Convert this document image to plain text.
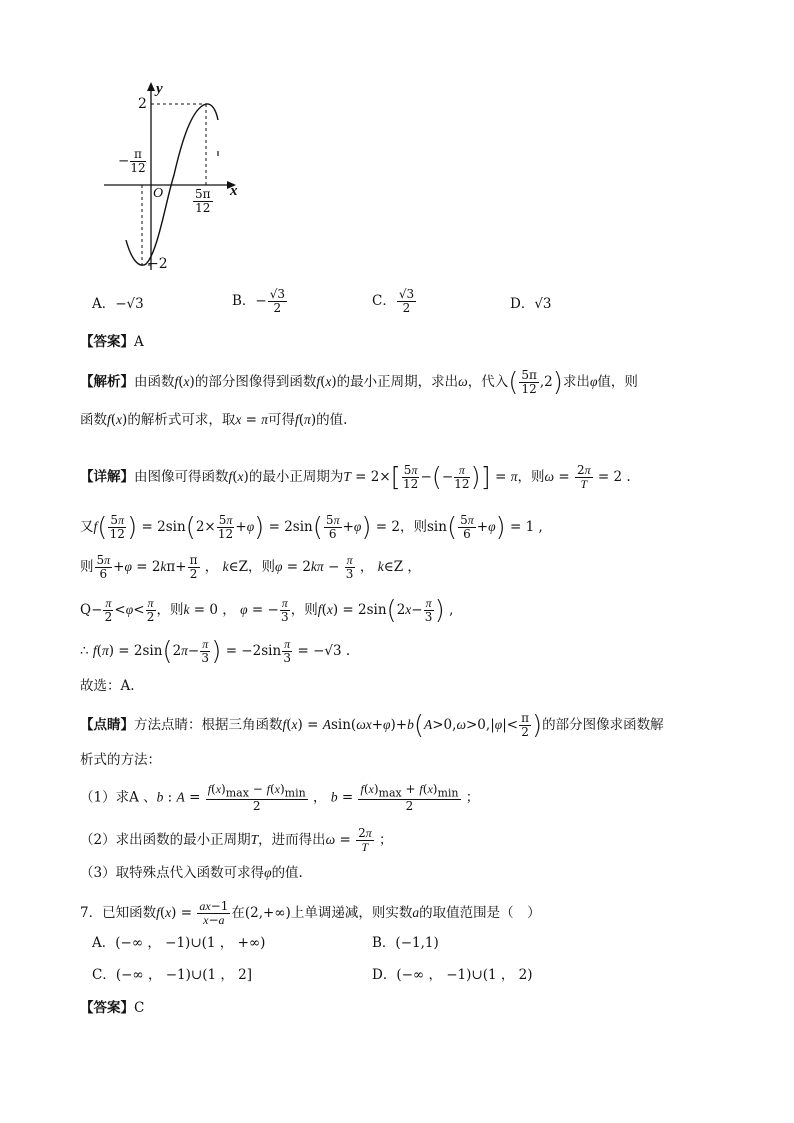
y
x
O
2
−2
− $\frac{\pi}{12}$
$\frac{5\pi}{12}$
A．−√3	B．− $\frac{√3}{2}$	C． $\frac{√3}{2}$	D．√3
【答案】A
【解析】由函数f(x)的部分图像得到函数f(x)的最小正周期，求出ω，代入( $\frac{5\pi}{12} ,2$)求出φ值，则
函数f(x)的解析式可求，取x = π可得f(π)的值.
【详解】由图像可得函数f(x)的最小正周期为$T = 2\times[ \frac{5\pi}{12}$ −(− $\frac{\pi}{12}$ )] = π，则$\omega = \frac{2\pi}{T} = 2$ .
又$f( \frac{5\pi}{12}$ ) = $2\sin(2\times \frac{5\pi}{12} +\varphi) = 2\sin( \frac{5\pi}{6} +\varphi) = 2$，则$\sin( \frac{5\pi}{6} +\varphi) = 1$ ,
则 $\frac{5\pi}{6} +\varphi = 2k\pi+ \frac{\pi}{2}$ ， k∈Z，则$\varphi = 2k\pi - \frac{\pi}{3}$ ， k∈Z ，
$Q- \frac{\pi}{2} <\varphi< \frac{\pi}{2}$ ，则k = 0 ， φ = − $\frac{\pi}{3}$ ，则$f(x) = 2\sin(2x- \frac{\pi}{3}$ ) ,
∴ $f(\pi) = 2\sin(2\pi- \frac{\pi}{3}$ ) = $-2\sin \frac{\pi}{3} = -√3$ .
故选：A.
【点睛】方法点睛：根据三角函数$f(x) = Asin(\omega x+\varphi)+b(A>0,\omega>0,|\varphi|< \frac{\pi}{2}$ )的部分图像求函数解
析式的方法：
（1）求A 、b : A =
$f(x)_{max} - f(x)_{min}$
2
， b =
$f(x)_{max} + f(x)_{min}$
2
；
（2）求出函数的最小正周期T，进而得出$\omega = \frac{2\pi}{T}$ ；
（3）取特殊点代入函数可求得φ的值.
7．已知函数$f(x) = \frac{ax-1}{x-a}$ 在(2,+∞)上单调递减，则实数a的取值范围是（　）
A．(−∞ ， −1)∪(1 ， +∞)	B．(−1,1)
C．(−∞ ， −1)∪(1 ， 2]	D．(−∞ ， −1)∪(1 ， 2)
【答案】C
